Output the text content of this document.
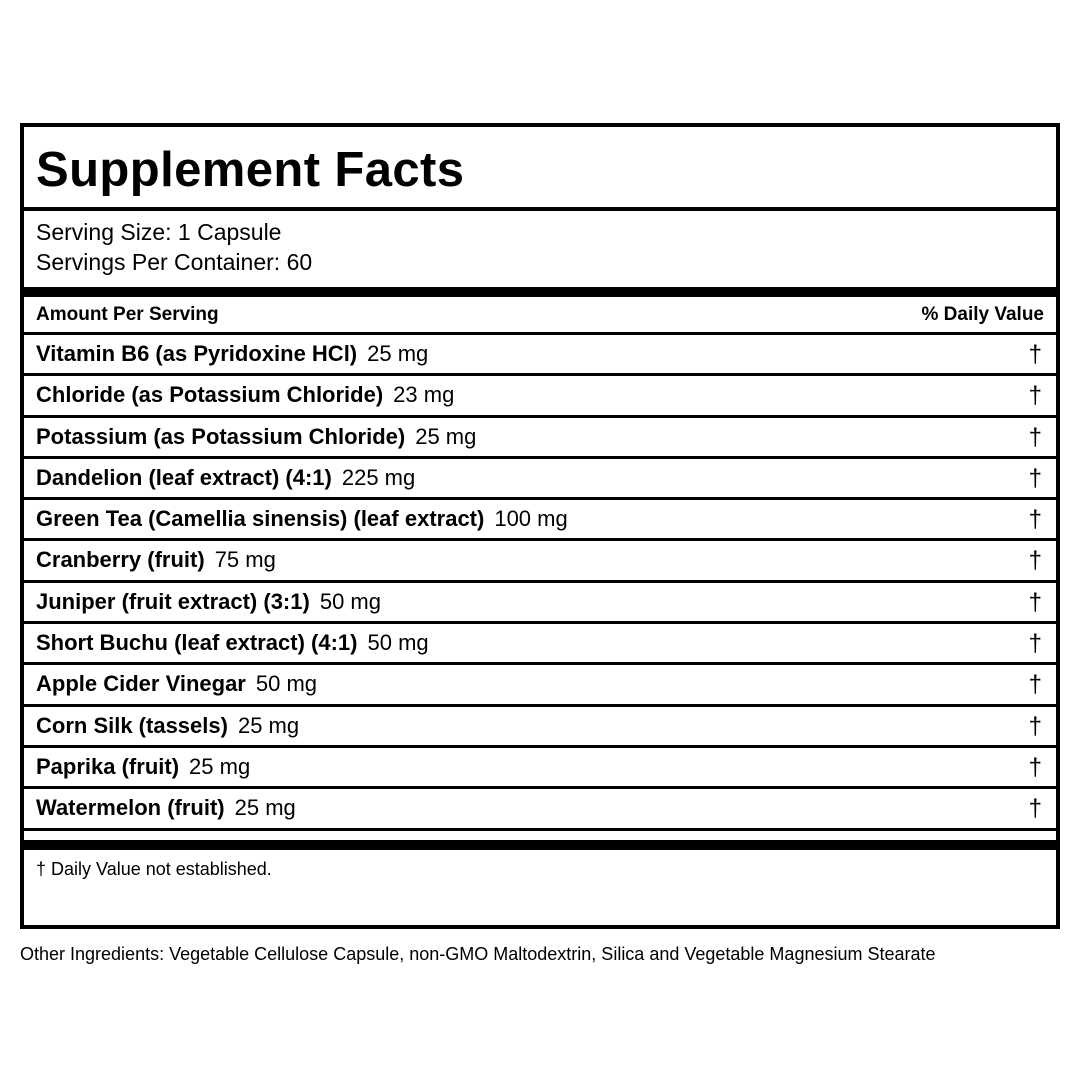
Supplement Facts
Serving Size: 1 Capsule
Servings Per Container: 60
Amount Per Serving	% Daily Value
Vitamin B6 (as Pyridoxine HCl) 25 mg	†
Chloride (as Potassium Chloride) 23 mg	†
Potassium (as Potassium Chloride) 25 mg	†
Dandelion (leaf extract) (4:1) 225 mg	†
Green Tea (Camellia sinensis) (leaf extract) 100 mg	†
Cranberry (fruit) 75 mg	†
Juniper (fruit extract) (3:1) 50 mg	†
Short Buchu (leaf extract) (4:1) 50 mg	†
Apple Cider Vinegar 50 mg	†
Corn Silk (tassels) 25 mg	†
Paprika (fruit) 25 mg	†
Watermelon (fruit) 25 mg	†
† Daily Value not established.
Other Ingredients: Vegetable Cellulose Capsule, non-GMO Maltodextrin, Silica and Vegetable Magnesium Stearate
